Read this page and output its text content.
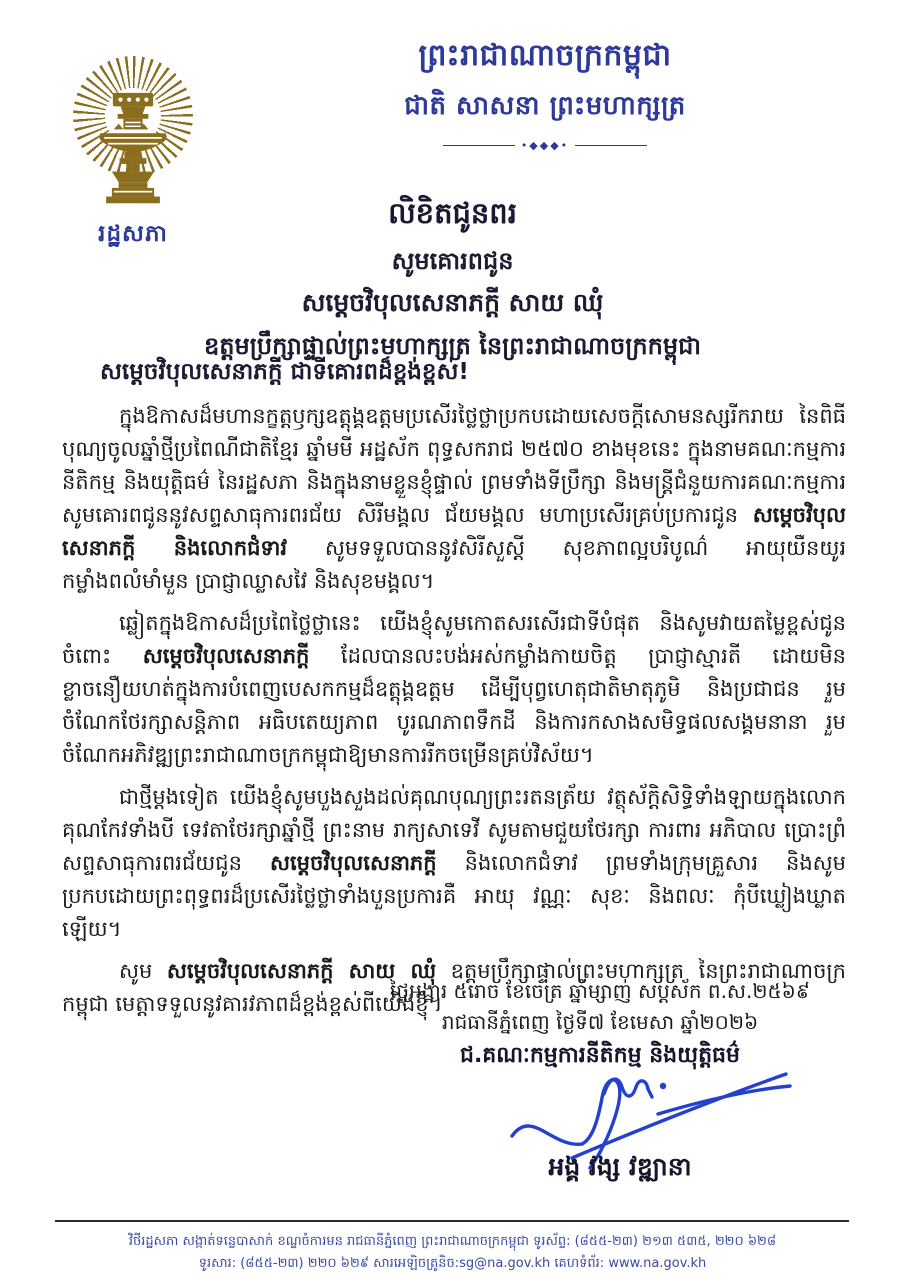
រដ្ឋសភា
ព្រះរាជាណាចក្រកម្ពុជា
ជាតិ សាសនា ព្រះមហាក្សត្រ
•◆◆◆•
លិខិតជូនពរ
សូមគោរពជូន
សម្តេចវិបុលសេនាភក្តី សាយ ឈុំ
ឧត្តមប្រឹក្សាផ្ទាល់ព្រះមហាក្សត្រ នៃព្រះរាជាណាចក្រកម្ពុជា
សម្តេចវិបុលសេនាភក្តី ជាទីគោរពដ៏ខ្ពង់ខ្ពស់!

ក្នុងឱកាសដ៏មហានក្ខត្តឫក្សឧត្តុង្គឧត្តមប្រសើរថ្លៃថ្លាប្រកបដោយសេចក្តីសោមនស្សរីករាយ នៃពិធីបុណ្យចូលឆ្នាំថ្មីប្រពៃណីជាតិខ្មែរ ឆ្នាំមមី អដ្ឋស័ក ពុទ្ធសករាជ ២៥៧០ ខាងមុខនេះ ក្នុងនាមគណៈកម្មការនីតិកម្ម និងយុត្តិធម៌ នៃរដ្ឋសភា និងក្នុងនាមខ្លួនខ្ញុំផ្ទាល់ ព្រមទាំងទីប្រឹក្សា និងមន្ត្រីជំនួយការគណៈកម្មការ សូមគោរពជូននូវសព្ទសាធុការពរជ័យ សិរីមង្គល ជ័យមង្គល មហាប្រសើរគ្រប់ប្រការជូន សម្តេចវិបុលសេនាភក្តី និងលោកជំទាវ សូមទទួលបាននូវសិរីសួស្តី សុខភាពល្អបរិបូណ៌ អាយុយឺនយូរ កម្លាំងពលំមាំមួន ប្រាជ្ញាឈ្លាសវៃ និងសុខមង្គល។

ឆ្លៀតក្នុងឱកាសដ៏ប្រពៃថ្លៃថ្លានេះ យើងខ្ញុំសូមកោតសរសើរជាទីបំផុត និងសូមវាយតម្លៃខ្ពស់ជូនចំពោះ សម្តេចវិបុលសេនាភក្តី ដែលបានលះបង់អស់កម្លាំងកាយចិត្ត ប្រាជ្ញាស្មារតី ដោយមិនខ្លាចនឿយហត់ក្នុងការបំពេញបេសកកម្មដ៏ឧត្តុង្គឧត្តម ដើម្បីបុព្វហេតុជាតិមាតុភូមិ និងប្រជាជន រួមចំណែកថែរក្សាសន្តិភាព អធិបតេយ្យភាព បូរណភាពទឹកដី និងការកសាងសមិទ្ធផលសង្គមនានា រួមចំណែកអភិវឌ្ឍព្រះរាជាណាចក្រកម្ពុជាឱ្យមានការរីកចម្រើនគ្រប់វិស័យ។

ជាថ្មីម្តងទៀត យើងខ្ញុំសូមបួងសួងដល់គុណបុណ្យព្រះរតនត្រ័យ វត្ថុស័ក្តិសិទ្ធិទាំងឡាយក្នុងលោក គុណកែវទាំងបី ទេវតាថែរក្សាឆ្នាំថ្មី ព្រះនាម រាក្យសាទេវី សូមតាមជួយថែរក្សា ការពារ អភិបាល ប្រោះព្រំសព្ទសាធុការពរជ័យជូន សម្តេចវិបុលសេនាភក្តី និងលោកជំទាវ ព្រមទាំងក្រុមគ្រួសារ និងសូមប្រកបដោយព្រះពុទ្ធពរដ៏ប្រសើរថ្លៃថ្លាទាំងបួនប្រការគឺ អាយុ វណ្ណៈ សុខៈ និងពលៈ កុំបីឃ្លៀងឃ្លាតឡើយ។

សូម សម្តេចវិបុលសេនាភក្តី សាយ ឈុំ ឧត្តមប្រឹក្សាផ្ទាល់ព្រះមហាក្សត្រ នៃព្រះរាជាណាចក្រកម្ពុជា មេត្តាទទួលនូវគារវភាពដ៏ខ្ពង់ខ្ពស់ពីយើងខ្ញុំ។

ថ្ងៃអង្គារ ៥រោច ខែចេត្រ ឆ្នាំម្សាញ់ សប្តស័ក ព.ស.២៥៦៩
រាជធានីភ្នំពេញ ថ្ងៃទី៧ ខែមេសា ឆ្នាំ២០២៦
ជ.គណៈកម្មការនីតិកម្ម និងយុត្តិធម៌
អង្គ វង្ស វឌ្ឍានា
វិថីរដ្ឋសភា សង្កាត់ទន្លេបាសាក់ ខណ្ឌចំការមន រាជធានីភ្នំពេញ ព្រះរាជាណាចក្រកម្ពុជា ទូរស័ព្ទ: (៨៥៥-២៣) ២១៣ ៥៣៥, ២២០ ៦២៨
ទូរសារ: (៨៥៥-២៣) ២២០ ៦២៩ សារអេឡិចត្រូនិច:sg@na.gov.kh គេហទំព័រ: www.na.gov.kh
